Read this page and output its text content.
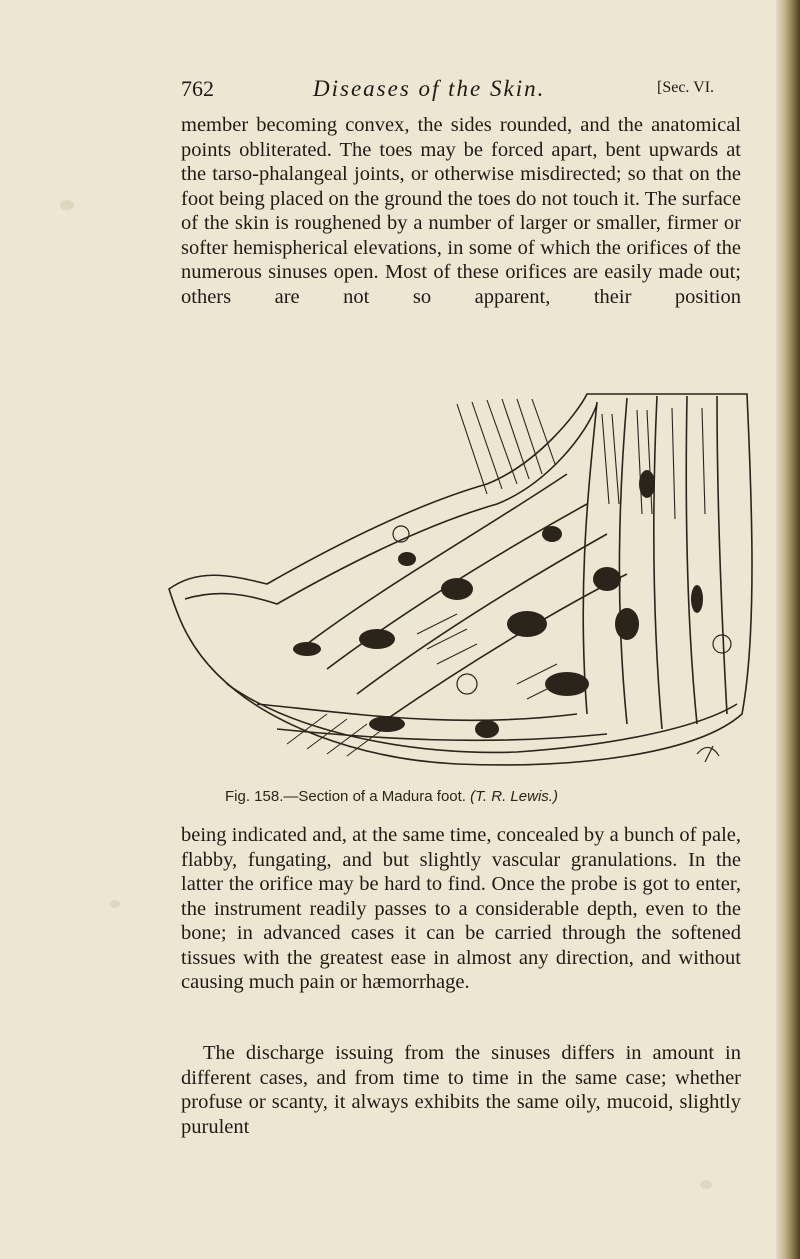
762	Diseases of the Skin.	[Sec. VI.

member becoming convex, the sides rounded, and the anatomical points obliterated. The toes may be forced apart, bent upwards at the tarso-phalangeal joints, or otherwise misdirected; so that on the foot being placed on the ground the toes do not touch it. The surface of the skin is roughened by a number of larger or smaller, firmer or softer hemispherical elevations, in some of which the orifices of the numerous sinuses open. Most of these orifices are easily made out; others are not so apparent, their position

Fig. 158.—Section of a Madura foot. (T. R. Lewis.)

being indicated and, at the same time, concealed by a bunch of pale, flabby, fungating, and but slightly vascular granulations. In the latter the orifice may be hard to find. Once the probe is got to enter, the instrument readily passes to a considerable depth, even to the bone; in advanced cases it can be carried through the softened tissues with the greatest ease in almost any direction, and without causing much pain or hæmorrhage.

The discharge issuing from the sinuses differs in amount in different cases, and from time to time in the same case; whether profuse or scanty, it always exhibits the same oily, mucoid, slightly purulent
